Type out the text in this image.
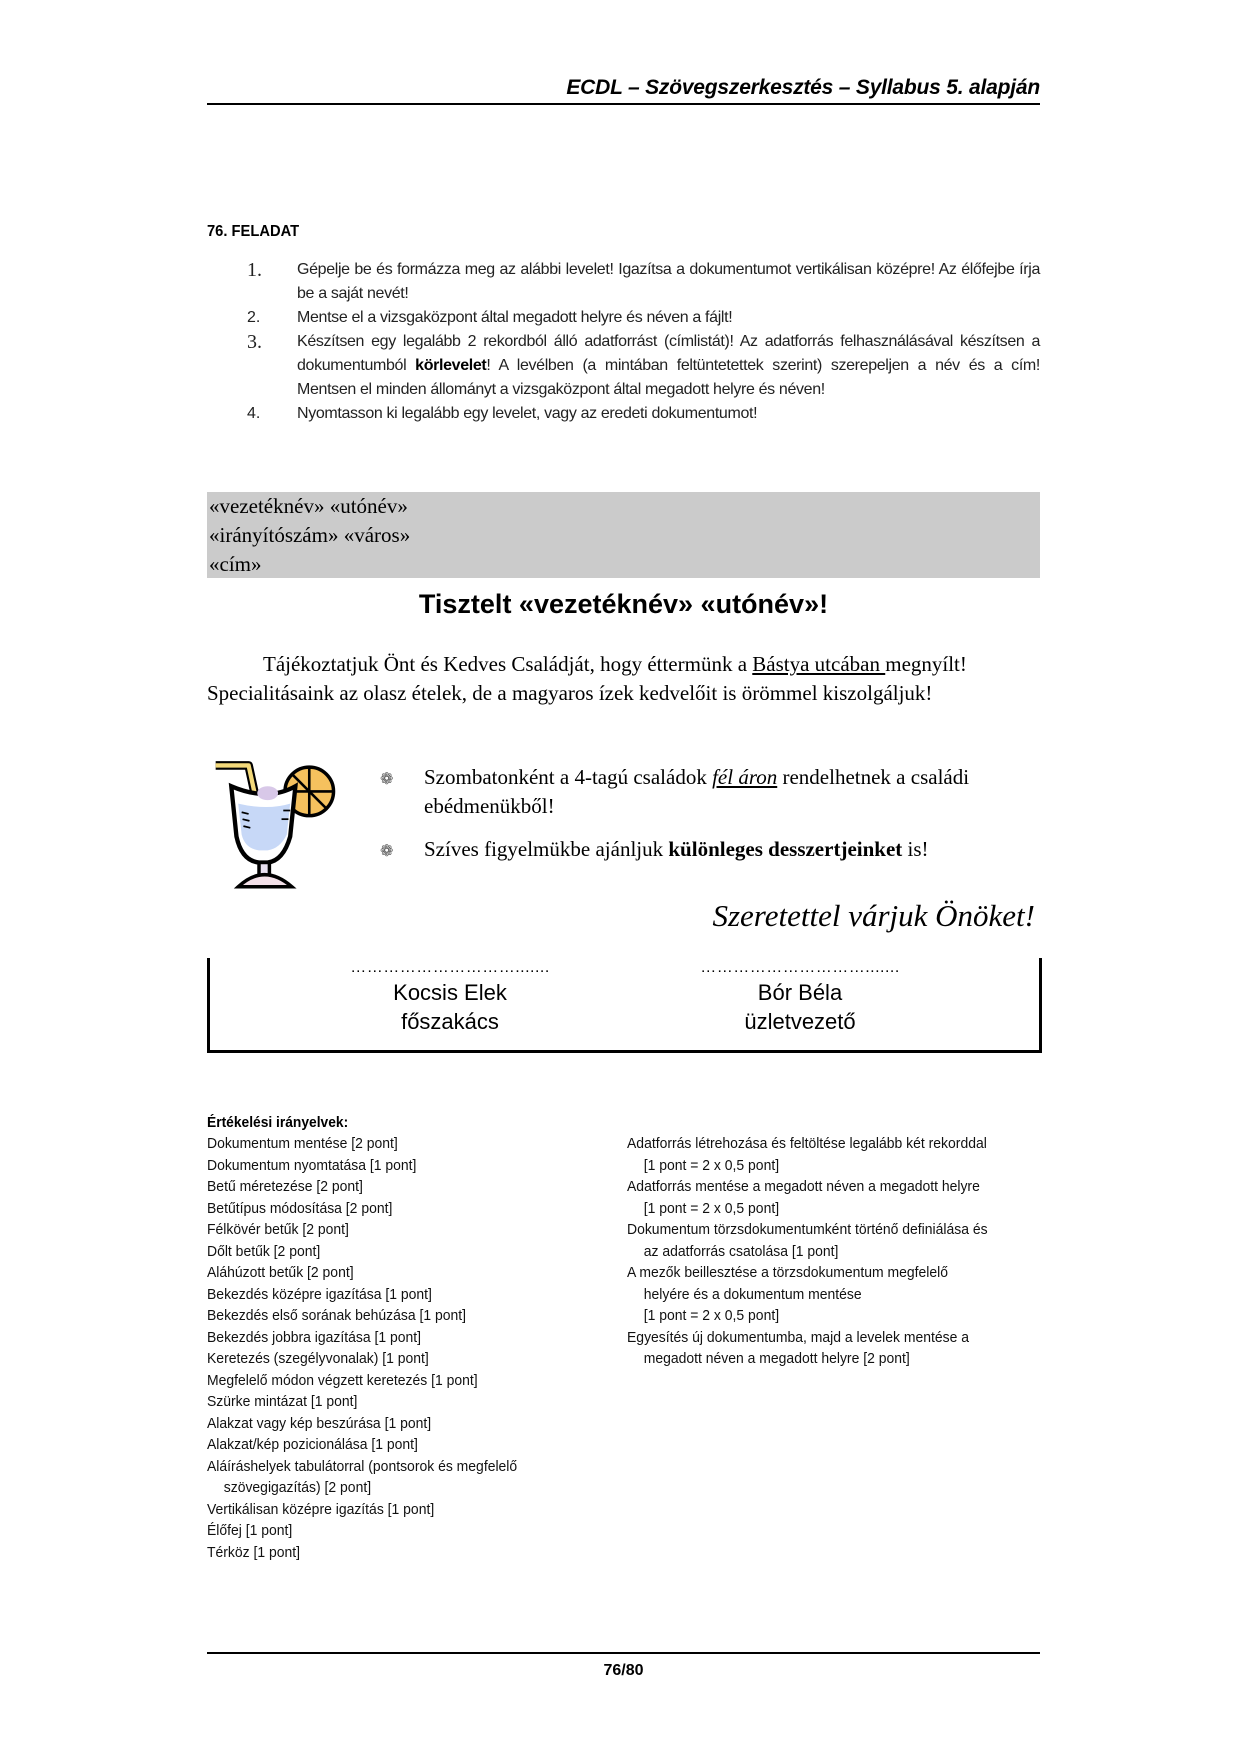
ECDL – Szövegszerkesztés – Syllabus 5. alapján
76. FELADAT
1.	Gépelje be és formázza meg az alábbi levelet! Igazítsa a dokumentumot vertikálisan középre! Az élőfejbe írja be a saját nevét!
2.	Mentse el a vizsgaközpont által megadott helyre és néven a fájlt!
3.	Készítsen egy legalább 2 rekordból álló adatforrást (címlistát)! Az adatforrás felhasználásával készítsen a dokumentumból körlevelet! A levélben (a mintában feltüntetettek szerint) szerepeljen a név és a cím! Mentsen el minden állományt a vizsgaközpont által megadott helyre és néven!
4.	Nyomtasson ki legalább egy levelet, vagy az eredeti dokumentumot!
«vezetéknév» «utónév»
«irányítószám» «város»
«cím»
Tisztelt «vezetéknév» «utónév»!
Tájékoztatjuk Önt és Kedves Családját, hogy éttermünk a Bástya utcában megnyílt! Specialitásaink az olasz ételek, de a magyaros ízek kedvelőit is örömmel kiszolgáljuk!
❁	Szombatonként a 4-tagú családok fél áron rendelhetnek a családi ebédmenükből!
❁	Szíves figyelmükbe ajánljuk különleges desszertjeinket is!
Szeretettel várjuk Önöket!
………………………….......
Kocsis Elek
főszakács
………………………….......
Bór Béla
üzletvezető
Értékelési irányelvek:
Dokumentum mentése [2 pont]
Dokumentum nyomtatása [1 pont]
Betű méretezése [2 pont]
Betűtípus módosítása [2 pont]
Félkövér betűk [2 pont]
Dőlt betűk [2 pont]
Aláhúzott betűk [2 pont]
Bekezdés középre igazítása [1 pont]
Bekezdés első sorának behúzása [1 pont]
Bekezdés jobbra igazítása [1 pont]
Keretezés (szegélyvonalak) [1 pont]
Megfelelő módon végzett keretezés [1 pont]
Szürke mintázat [1 pont]
Alakzat vagy kép beszúrása [1 pont]
Alakzat/kép pozicionálása [1 pont]
Aláíráshelyek tabulátorral (pontsorok és megfelelő
szövegigazítás) [2 pont]
Vertikálisan középre igazítás [1 pont]
Élőfej [1 pont]
Térköz [1 pont]
Adatforrás létrehozása és feltöltése legalább két rekorddal
[1 pont = 2 x 0,5 pont]
Adatforrás mentése a megadott néven a megadott helyre
[1 pont = 2 x 0,5 pont]
Dokumentum törzsdokumentumként történő definiálása és
az adatforrás csatolása [1 pont]
A mezők beillesztése a törzsdokumentum megfelelő
helyére és a dokumentum mentése
[1 pont = 2 x 0,5 pont]
Egyesítés új dokumentumba, majd a levelek mentése a
megadott néven a megadott helyre [2 pont]
76/80
